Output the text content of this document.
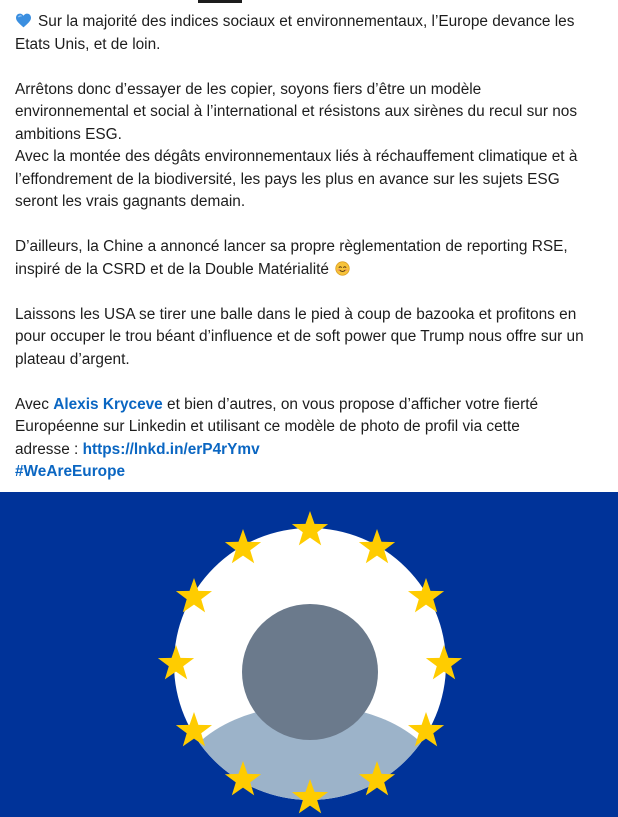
Sur la majorité des indices sociaux et environnementaux, l’Europe devance les
Etats Unis, et de loin.

Arrêtons donc d’essayer de les copier, soyons fiers d’être un modèle
environnemental et social à l’international et résistons aux sirènes du recul sur nos
ambitions ESG.
Avec la montée des dégâts environnementaux liés à réchauffement climatique et à
l’effondrement de la biodiversité, les pays les plus en avance sur les sujets ESG
seront les vrais gagnants demain.

D’ailleurs, la Chine a annoncé lancer sa propre règlementation de reporting RSE,
inspiré de la CSRD et de la Double Matérialité

Laissons les USA se tirer une balle dans le pied à coup de bazooka et profitons en
pour occuper le trou béant d’influence et de soft power que Trump nous offre sur un
plateau d’argent.

Avec Alexis Kryceve et bien d’autres, on vous propose d’afficher votre fierté
Européenne sur Linkedin et utilisant ce modèle de photo de profil via cette
adresse : https://lnkd.in/erP4rYmv
#WeAreEurope
